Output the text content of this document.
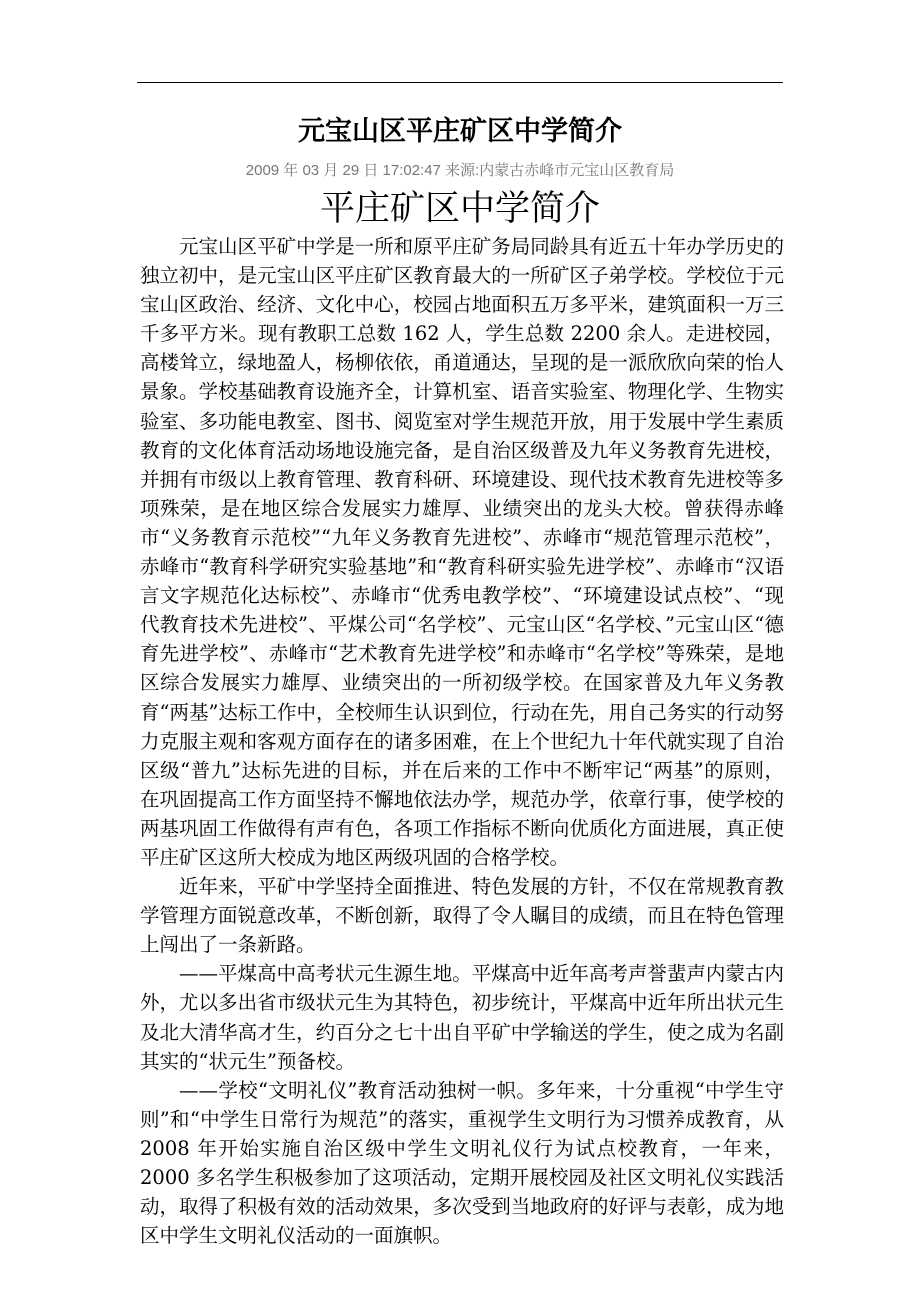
元宝山区平庄矿区中学简介
2009 年 03 月 29 日 17:02:47 来源:内蒙古赤峰市元宝山区教育局
平庄矿区中学简介

元宝山区平矿中学是一所和原平庄矿务局同龄具有近五十年办学历史的独立初中，是元宝山区平庄矿区教育最大的一所矿区子弟学校。学校位于元宝山区政治、经济、文化中心，校园占地面积五万多平米，建筑面积一万三千多平方米。现有教职工总数 162 人，学生总数 2200 余人。走进校园，高楼耸立，绿地盈人，杨柳依依，甬道通达，呈现的是一派欣欣向荣的怡人景象。学校基础教育设施齐全，计算机室、语音实验室、物理化学、生物实验室、多功能电教室、图书、阅览室对学生规范开放，用于发展中学生素质教育的文化体育活动场地设施完备，是自治区级普及九年义务教育先进校，并拥有市级以上教育管理、教育科研、环境建设、现代技术教育先进校等多项殊荣，是在地区综合发展实力雄厚、业绩突出的龙头大校。曾获得赤峰市“义务教育示范校”“九年义务教育先进校”、赤峰市“规范管理示范校”，赤峰市“教育科学研究实验基地”和“教育科研实验先进学校”、赤峰市“汉语言文字规范化达标校”、赤峰市“优秀电教学校”、“环境建设试点校”、“现代教育技术先进校”、平煤公司“名学校”、元宝山区“名学校、”元宝山区“德育先进学校”、赤峰市“艺术教育先进学校”和赤峰市“名学校”等殊荣，是地区综合发展实力雄厚、业绩突出的一所初级学校。在国家普及九年义务教育“两基”达标工作中，全校师生认识到位，行动在先，用自己务实的行动努力克服主观和客观方面存在的诸多困难，在上个世纪九十年代就实现了自治区级“普九”达标先进的目标，并在后来的工作中不断牢记“两基”的原则，在巩固提高工作方面坚持不懈地依法办学，规范办学，依章行事，使学校的两基巩固工作做得有声有色，各项工作指标不断向优质化方面进展，真正使平庄矿区这所大校成为地区两级巩固的合格学校。

近年来，平矿中学坚持全面推进、特色发展的方针，不仅在常规教育教学管理方面锐意改革，不断创新，取得了令人瞩目的成绩，而且在特色管理上闯出了一条新路。

——平煤高中高考状元生源生地。平煤高中近年高考声誉蜚声内蒙古内外，尤以多出省市级状元生为其特色，初步统计，平煤高中近年所出状元生及北大清华高才生，约百分之七十出自平矿中学输送的学生，使之成为名副其实的“状元生”预备校。

——学校“文明礼仪”教育活动独树一帜。多年来，十分重视“中学生守则”和“中学生日常行为规范”的落实，重视学生文明行为习惯养成教育，从 2008 年开始实施自治区级中学生文明礼仪行为试点校教育，一年来，2000 多名学生积极参加了这项活动，定期开展校园及社区文明礼仪实践活动，取得了积极有效的活动效果，多次受到当地政府的好评与表彰，成为地区中学生文明礼仪活动的一面旗帜。
